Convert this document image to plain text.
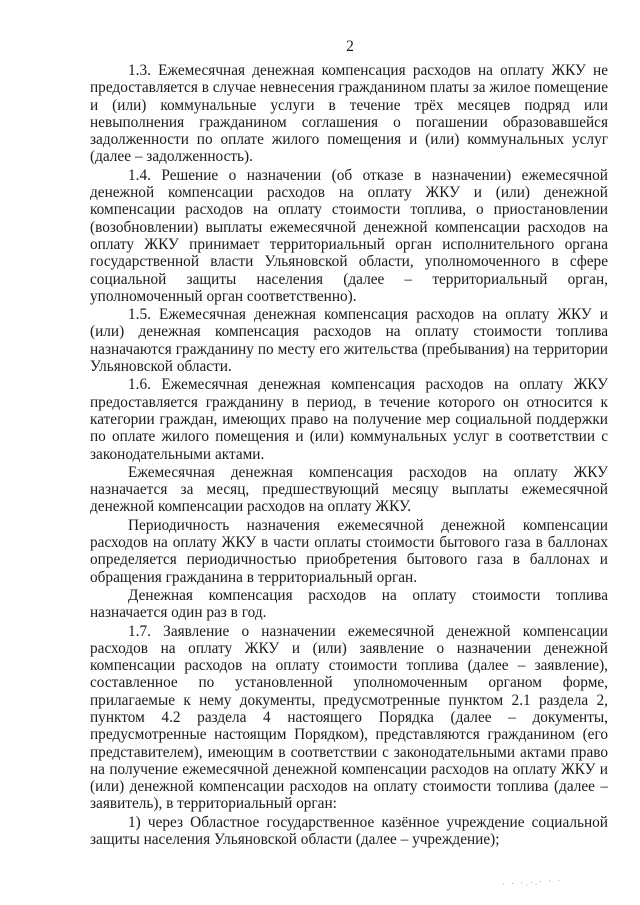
2

1.3. Ежемесячная денежная компенсация расходов на оплату ЖКУ не предоставляется в случае невнесения гражданином платы за жилое помещение и (или) коммунальные услуги в течение трёх месяцев подряд или невыполнения гражданином соглашения о погашении образовавшейся задолженности по оплате жилого помещения и (или) коммунальных услуг (далее – задолженность).

1.4. Решение о назначении (об отказе в назначении) ежемесячной денежной компенсации расходов на оплату ЖКУ и (или) денежной компенсации расходов на оплату стоимости топлива, о приостановлении (возобновлении) выплаты ежемесячной денежной компенсации расходов на оплату ЖКУ принимает территориальный орган исполнительного органа государственной власти Ульяновской области, уполномоченного в сфере социальной защиты населения (далее – территориальный орган, уполномоченный орган соответственно).

1.5. Ежемесячная денежная компенсация расходов на оплату ЖКУ и (или) денежная компенсация расходов на оплату стоимости топлива назначаются гражданину по месту его жительства (пребывания) на территории Ульяновской области.

1.6. Ежемесячная денежная компенсация расходов на оплату ЖКУ предоставляется гражданину в период, в течение которого он относится к категории граждан, имеющих право на получение мер социальной поддержки по оплате жилого помещения и (или) коммунальных услуг в соответствии с законодательными актами.

Ежемесячная денежная компенсация расходов на оплату ЖКУ назначается за месяц, предшествующий месяцу выплаты ежемесячной денежной компенсации расходов на оплату ЖКУ.

Периодичность назначения ежемесячной денежной компенсации расходов на оплату ЖКУ в части оплаты стоимости бытового газа в баллонах определяется периодичностью приобретения бытового газа в баллонах и обращения гражданина в территориальный орган.

Денежная компенсация расходов на оплату стоимости топлива назначается один раз в год.

1.7. Заявление о назначении ежемесячной денежной компенсации расходов на оплату ЖКУ и (или) заявление о назначении денежной компенсации расходов на оплату стоимости топлива (далее – заявление), составленное по установленной уполномоченным органом форме, прилагаемые к нему документы, предусмотренные пунктом 2.1 раздела 2, пунктом 4.2 раздела 4 настоящего Порядка (далее – документы, предусмотренные настоящим Порядком), представляются гражданином (его представителем), имеющим в соответствии с законодательными актами право на получение ежемесячной денежной компенсации расходов на оплату ЖКУ и (или) денежной компенсации расходов на оплату стоимости топлива (далее – заявитель), в территориальный орган:

1) через Областное государственное казённое учреждение социальной защиты населения Ульяновской области (далее – учреждение);

· · ·.·.· · ·
